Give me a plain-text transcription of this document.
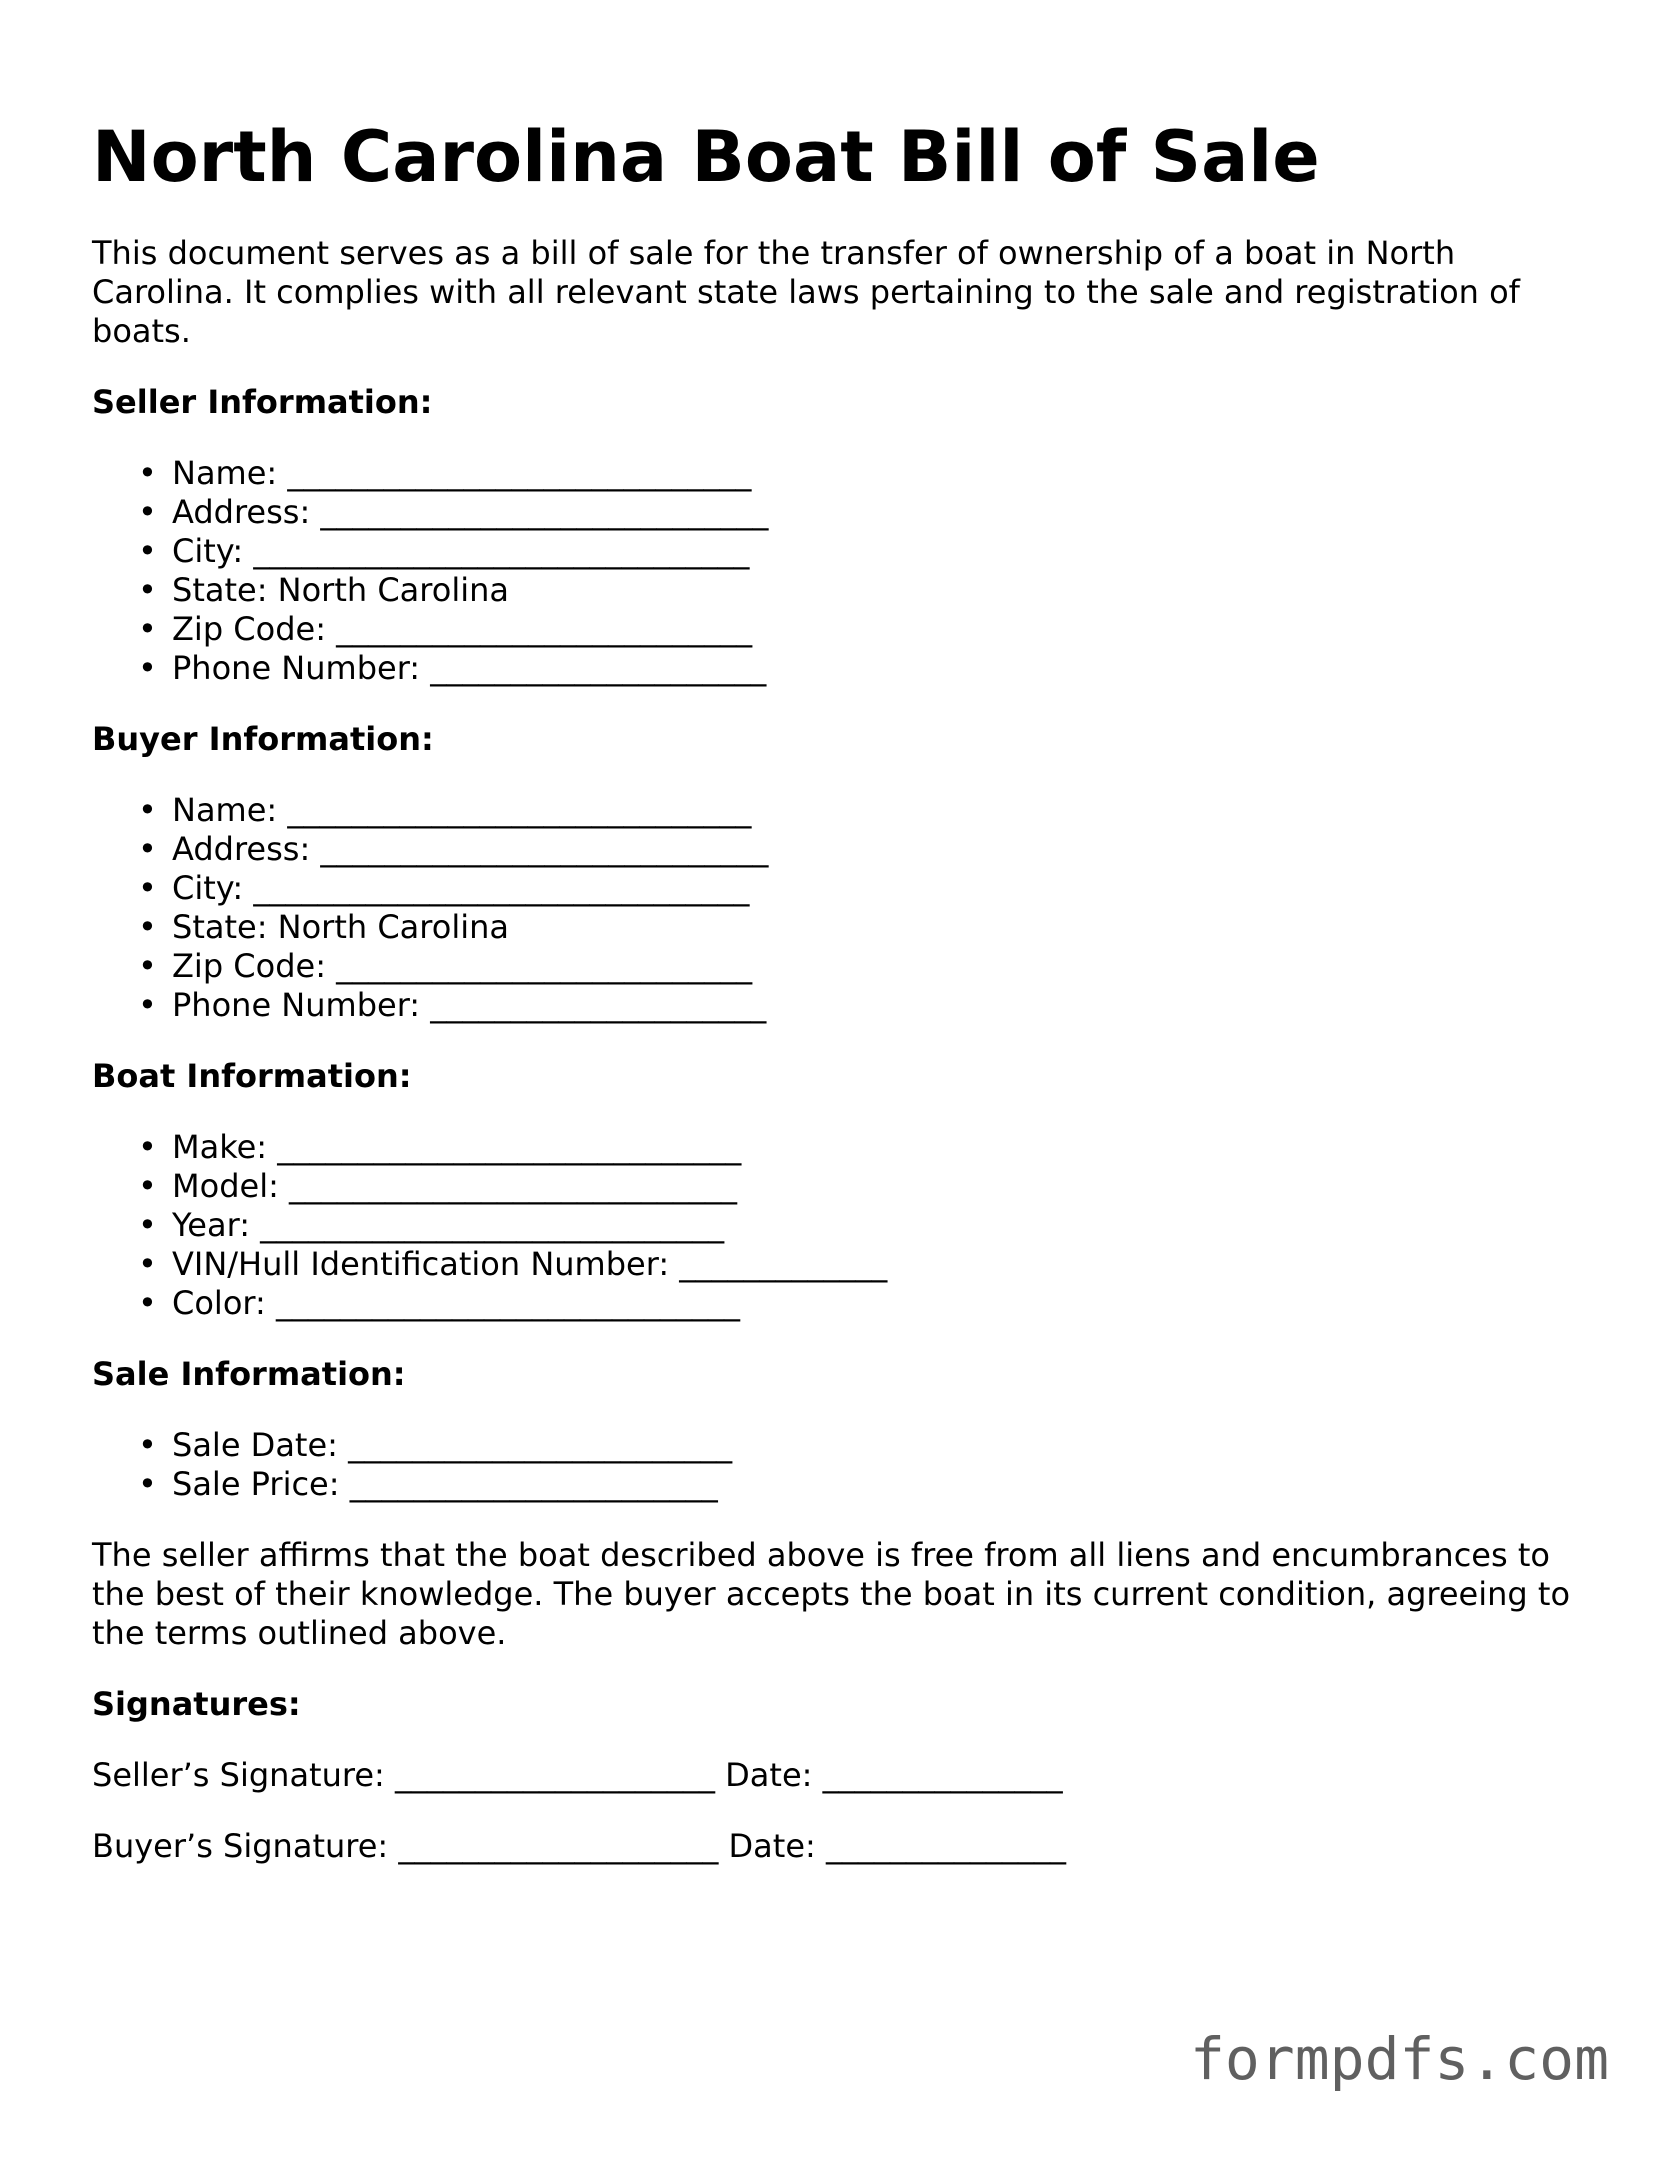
North Carolina Boat Bill of Sale

This document serves as a bill of sale for the transfer of ownership of a boat in North Carolina. It complies with all relevant state laws pertaining to the sale and registration of boats.

Seller Information:
• Name: _____________________________
• Address: ____________________________
• City: _______________________________
• State: North Carolina
• Zip Code: __________________________
• Phone Number: _____________________
Buyer Information:
• Name: _____________________________
• Address: ____________________________
• City: _______________________________
• State: North Carolina
• Zip Code: __________________________
• Phone Number: _____________________
Boat Information:
• Make: _____________________________
• Model: ____________________________
• Year: _____________________________
• VIN/Hull Identification Number: _____________
• Color: _____________________________
Sale Information:
• Sale Date: ________________________
• Sale Price: _______________________

The seller affirms that the boat described above is free from all liens and encumbrances to the best of their knowledge. The buyer accepts the boat in its current condition, agreeing to the terms outlined above.

Signatures:
Seller’s Signature: ____________________ Date: _______________
Buyer’s Signature: ____________________ Date: _______________
formpdfs.com
